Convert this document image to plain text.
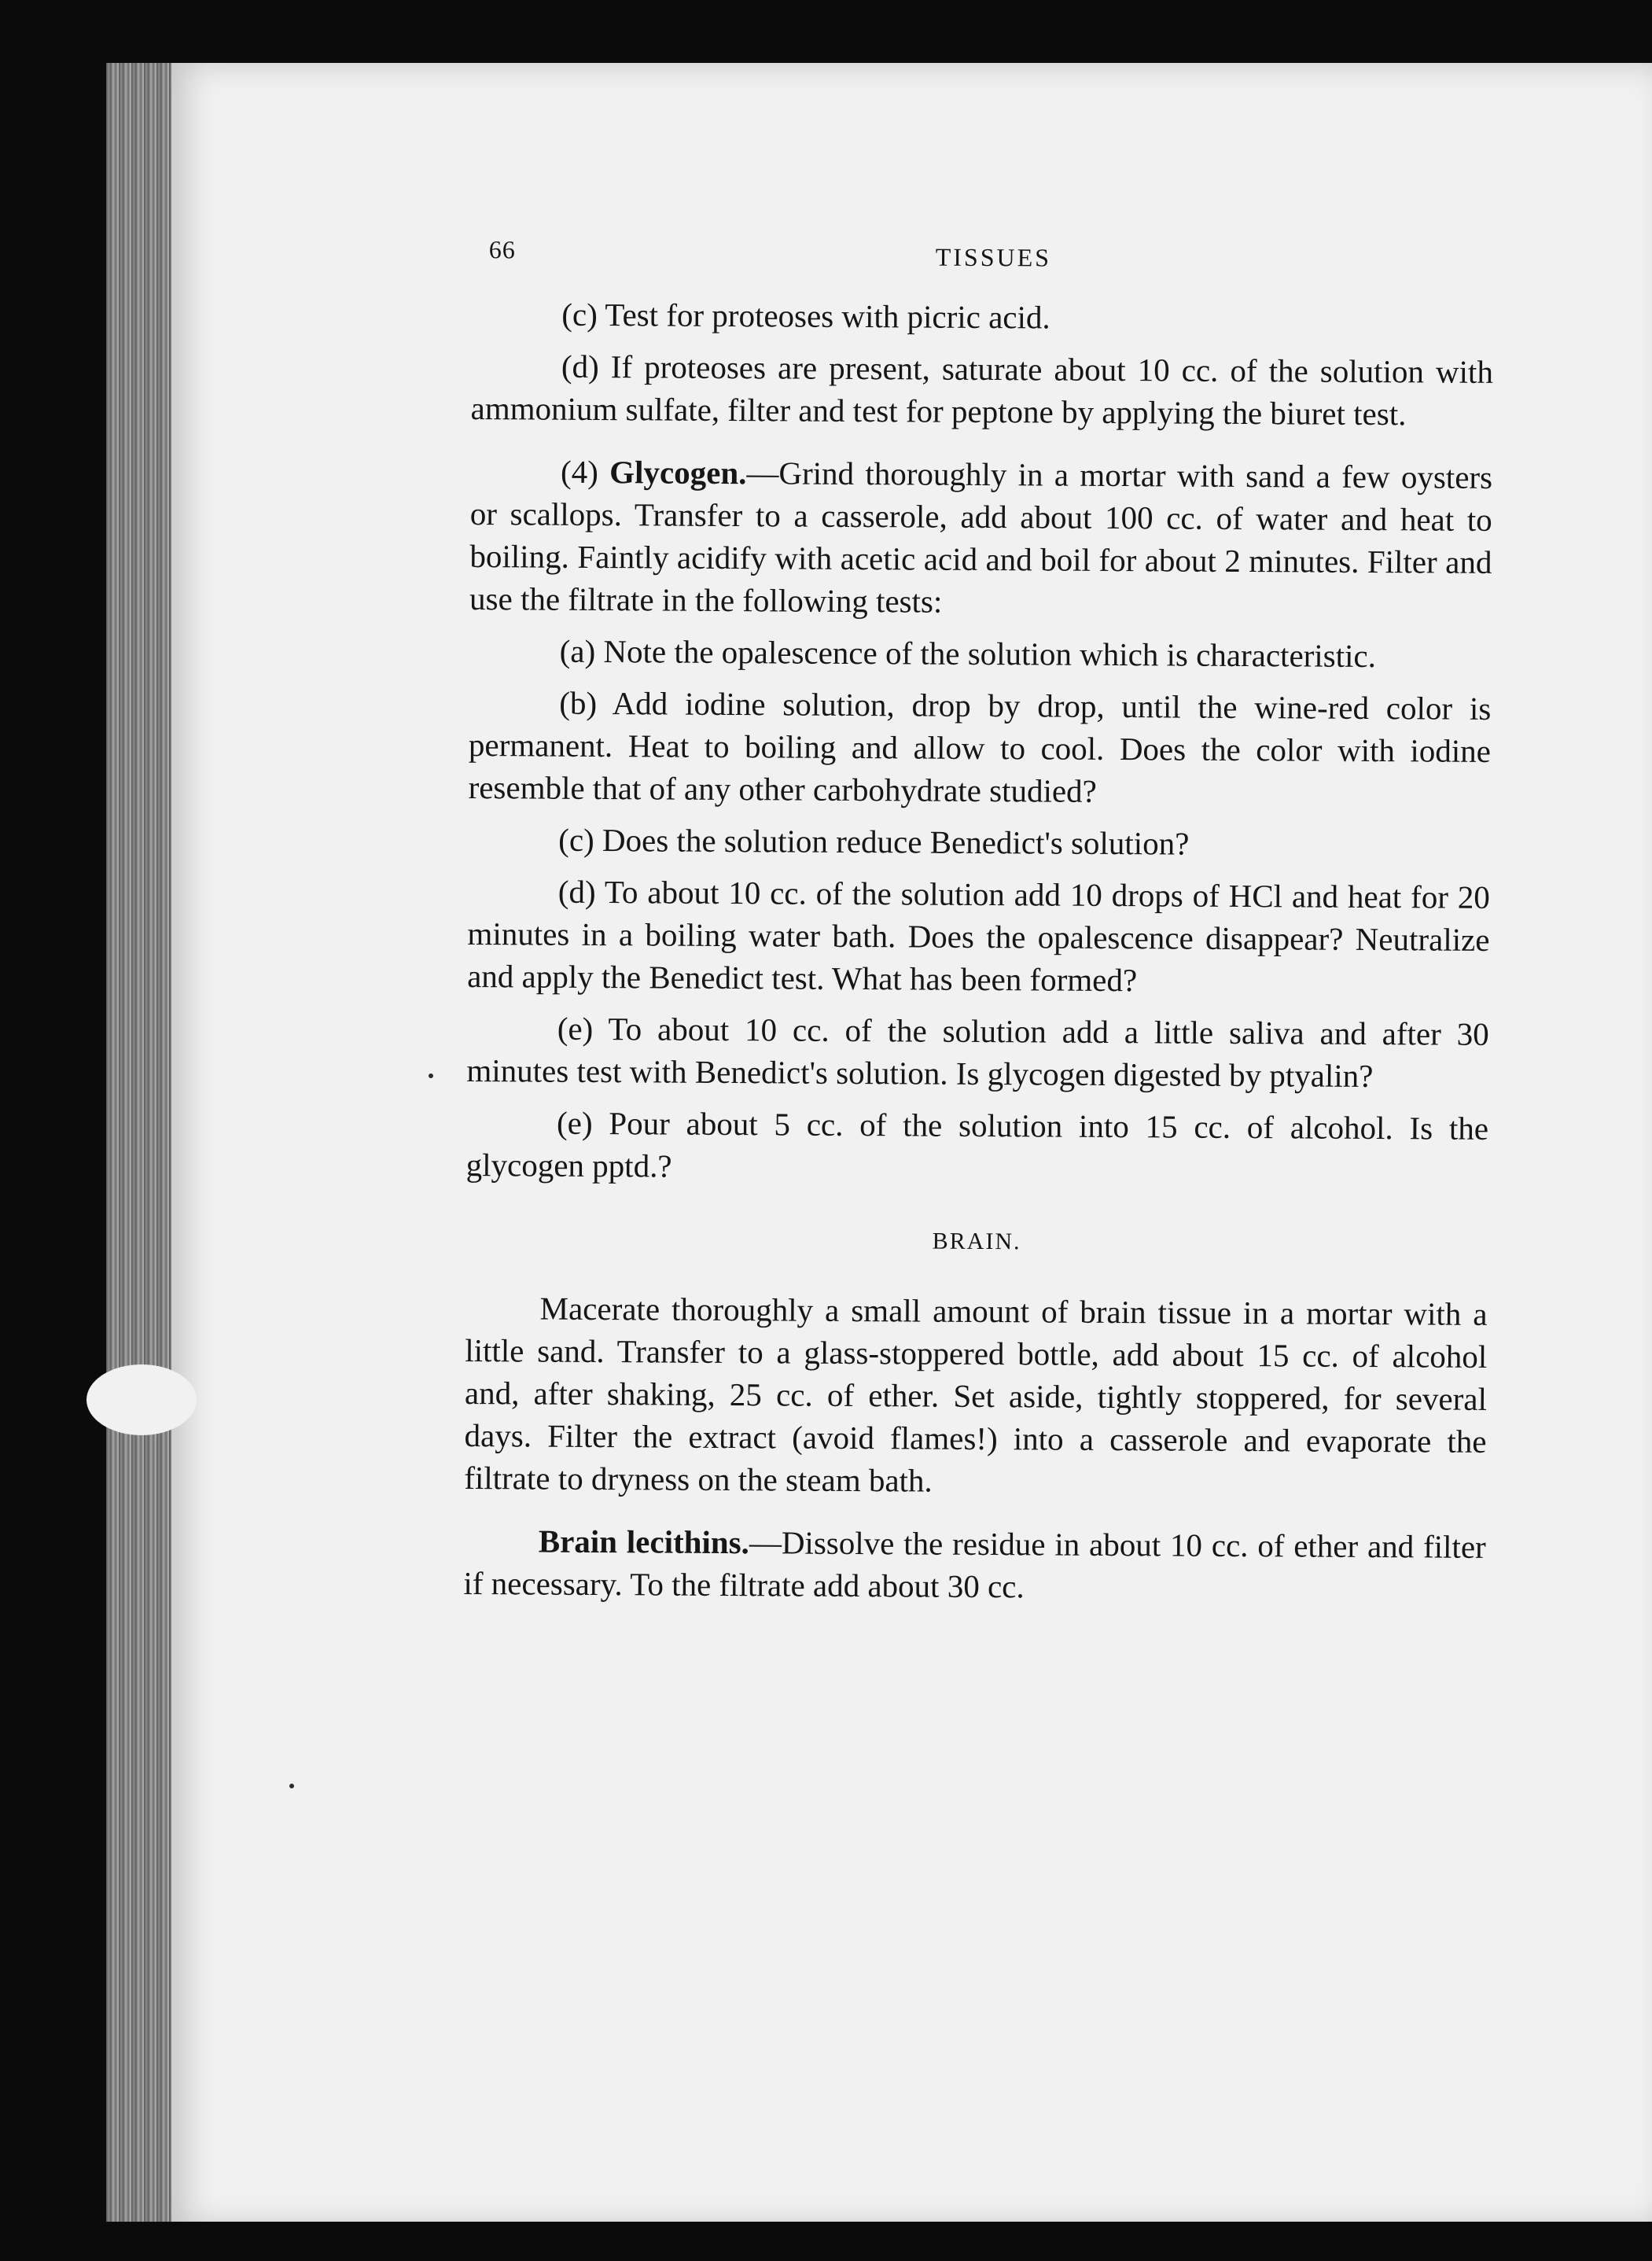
66	TISSUES

(c) Test for proteoses with picric acid.

(d) If proteoses are present, saturate about 10 cc. of the solution with ammonium sulfate, filter and test for peptone by applying the biuret test.

(4) Glycogen.—Grind thoroughly in a mortar with sand a few oysters or scallops. Transfer to a casserole, add about 100 cc. of water and heat to boiling. Faintly acidify with acetic acid and boil for about 2 minutes. Filter and use the filtrate in the following tests:

(a) Note the opalescence of the solution which is characteristic.

(b) Add iodine solution, drop by drop, until the wine-red color is permanent. Heat to boiling and allow to cool. Does the color with iodine resemble that of any other carbohydrate studied?

(c) Does the solution reduce Benedict's solution?

(d) To about 10 cc. of the solution add 10 drops of HCl and heat for 20 minutes in a boiling water bath. Does the opalescence disappear? Neutralize and apply the Benedict test. What has been formed?

(e) To about 10 cc. of the solution add a little saliva and after 30 minutes test with Benedict's solution. Is glycogen digested by ptyalin?

(e) Pour about 5 cc. of the solution into 15 cc. of alcohol. Is the glycogen pptd.?

BRAIN.

Macerate thoroughly a small amount of brain tissue in a mortar with a little sand. Transfer to a glass-stoppered bottle, add about 15 cc. of alcohol and, after shaking, 25 cc. of ether. Set aside, tightly stoppered, for several days. Filter the extract (avoid flames!) into a casserole and evaporate the filtrate to dryness on the steam bath.

Brain lecithins.—Dissolve the residue in about 10 cc. of ether and filter if necessary. To the filtrate add about 30 cc.
